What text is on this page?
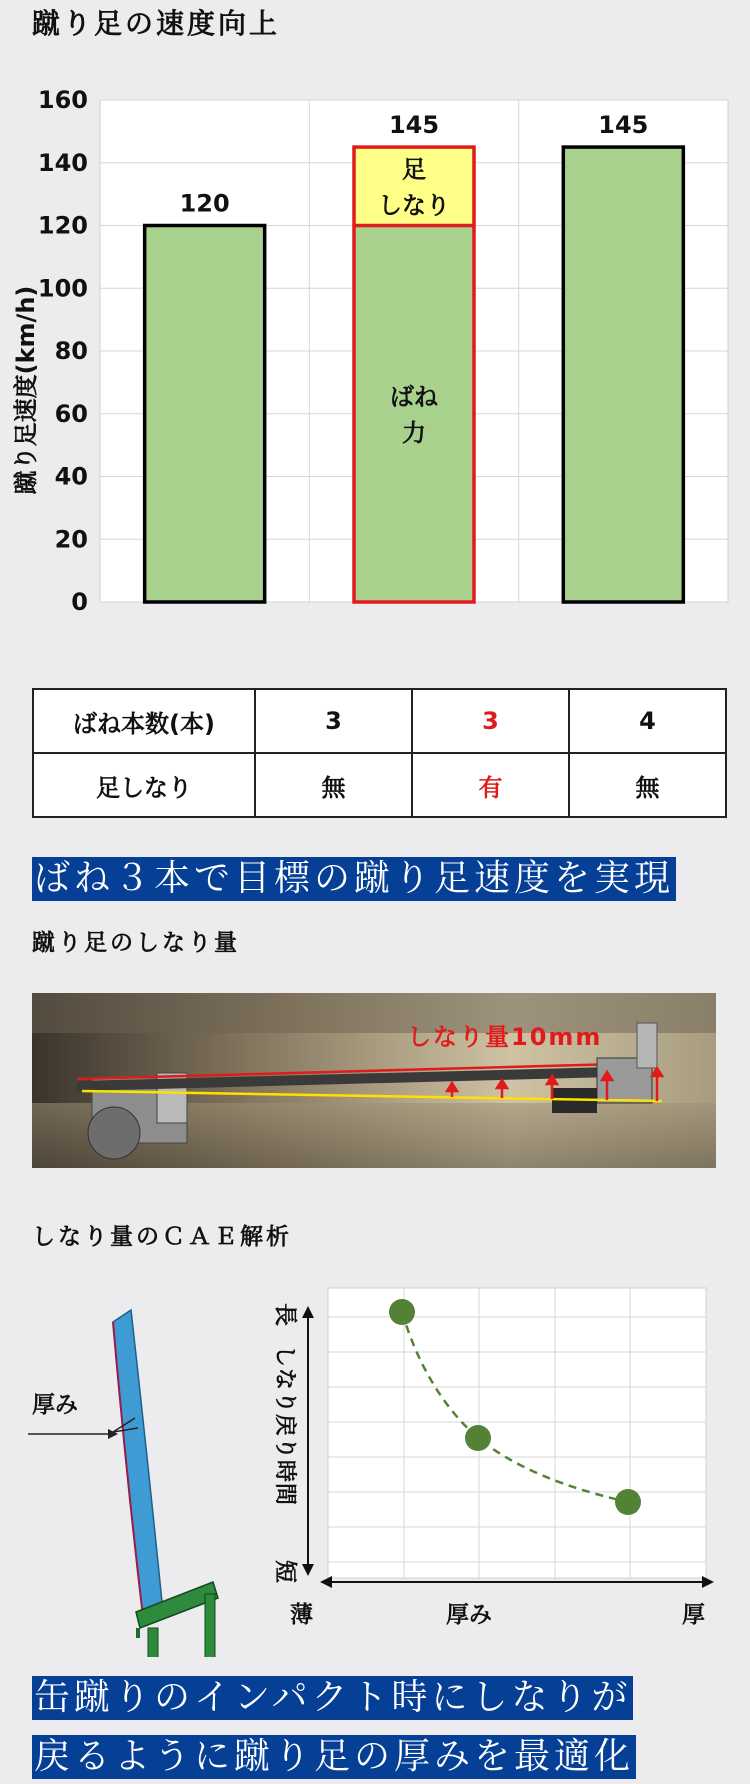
蹴り足の速度向上
0
20
40
60
80
100
120
140
160
120
ばね
力
足
しなり
145	145
蹴り足速度(km/h)
ばね本数(本)	3	3	4
足しなり	無	有	無
ばね３本で目標の蹴り足速度を実現
蹴り足のしなり量
しなり量10mm
しなり量のＣＡＥ解析
厚み
長
しなり戻り時間
短
薄	厚み	厚
缶蹴りのインパクト時にしなりが
戻るように蹴り足の厚みを最適化
